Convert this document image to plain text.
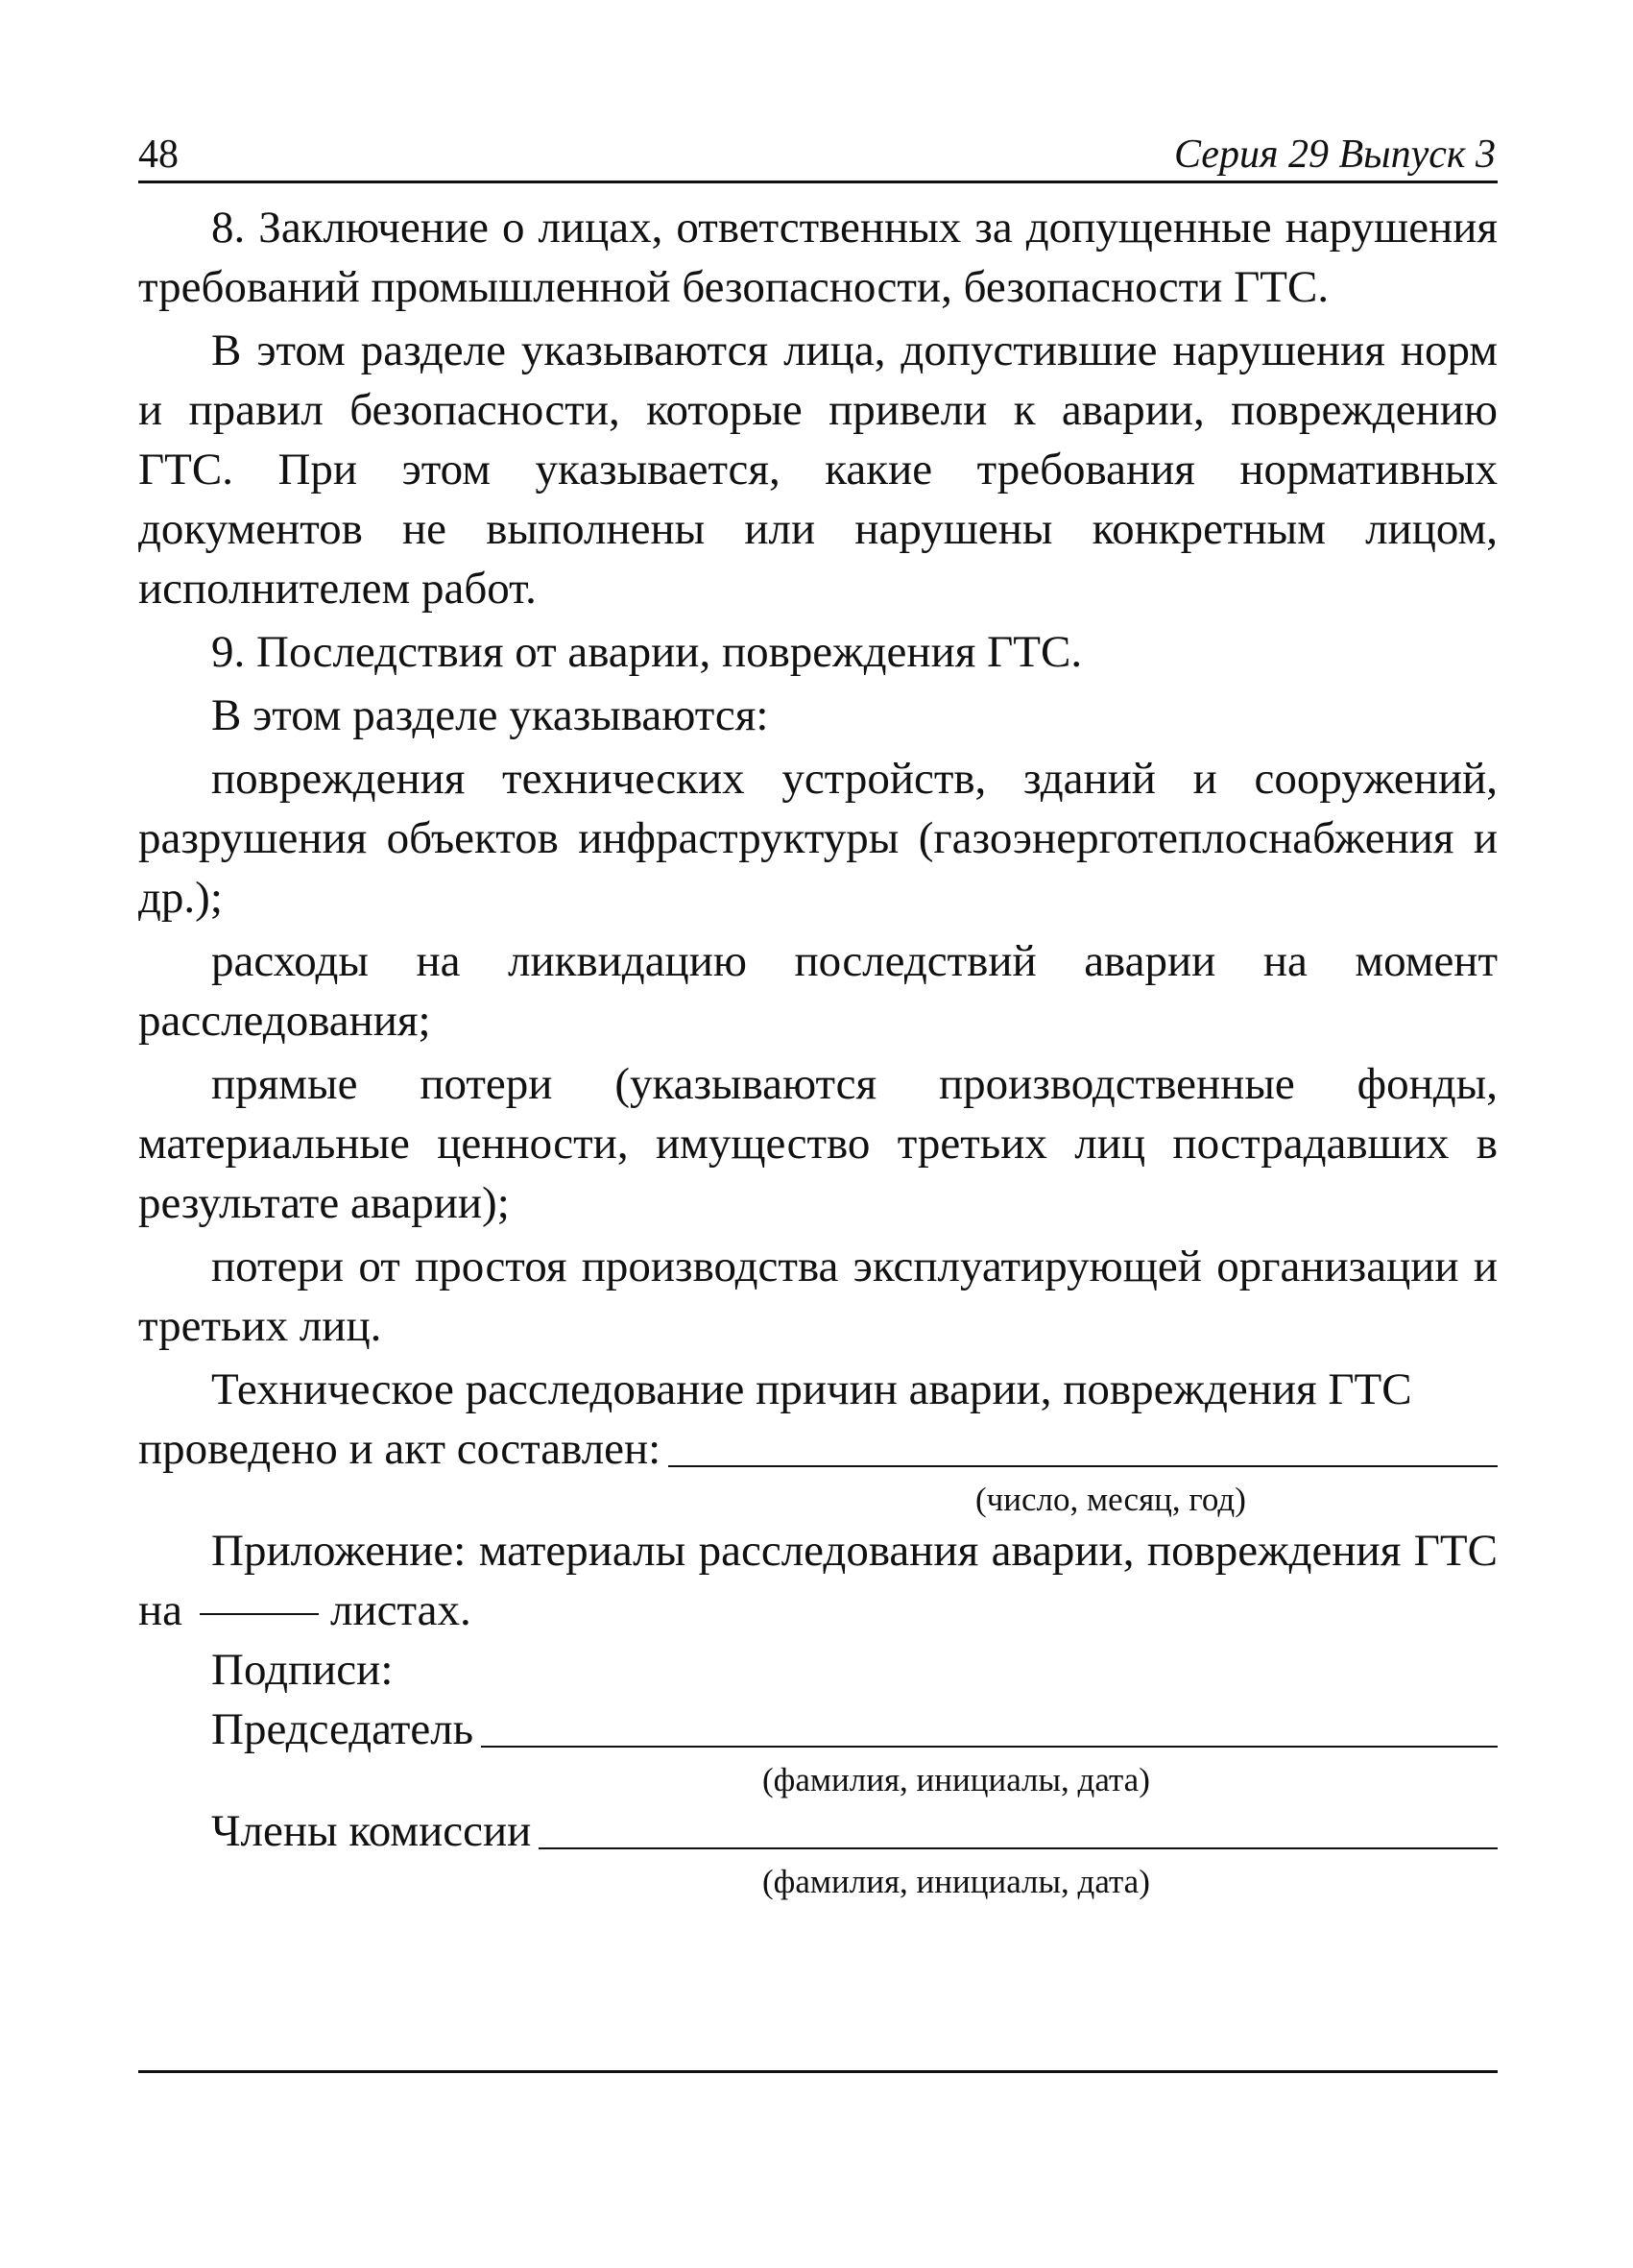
48	Серия 29 Выпуск 3

8. Заключение о лицах, ответственных за допущенные нарушения требований промышленной безопасности, безопасности ГТС.

В этом разделе указываются лица, допустившие нарушения норм и правил безопасности, которые привели к аварии, повреждению ГТС. При этом указывается, какие требования нормативных документов не выполнены или нарушены конкретным лицом, исполнителем работ.

9. Последствия от аварии, повреждения ГТС.

В этом разделе указываются:

повреждения технических устройств, зданий и сооружений, разрушения объектов инфраструктуры (газоэнерготеплоснабжения и др.);

расходы на ликвидацию последствий аварии на момент расследования;

прямые потери (указываются производственные фонды, материальные ценности, имущество третьих лиц пострадавших в результате аварии);

потери от простоя производства эксплуатирующей организации и третьих лиц.

Техническое расследование причин аварии, повреждения ГТС

проведено и акт составлен:

(число, месяц, год)

Приложение: материалы расследования аварии, повреждения ГТС на	листах.

Подписи:

Председатель

(фамилия, инициалы, дата)

Члены комиссии

(фамилия, инициалы, дата)
